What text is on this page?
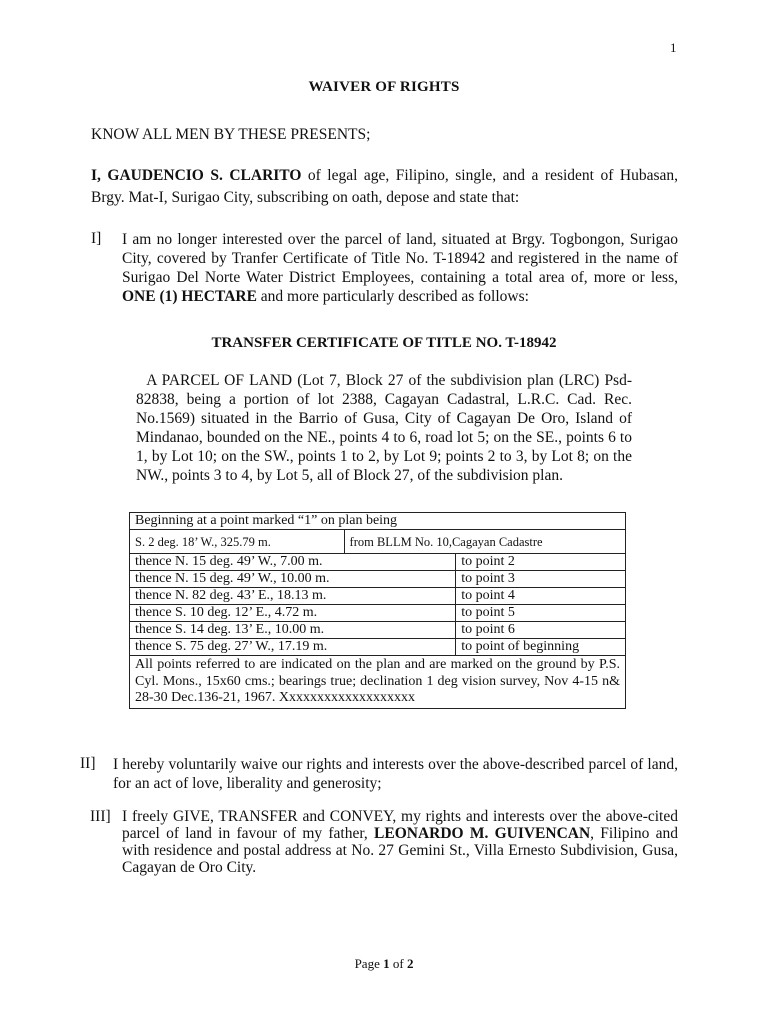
1
WAIVER OF RIGHTS
KNOW ALL MEN BY THESE PRESENTS;
I, GAUDENCIO S. CLARITO of legal age, Filipino, single, and a resident of Hubasan, Brgy. Mat-I, Surigao City, subscribing on oath, depose and state that:
I] I am no longer interested over the parcel of land, situated at Brgy. Togbongon, Surigao City, covered by Tranfer Certificate of Title No. T-18942 and registered in the name of Surigao Del Norte Water District Employees, containing a total area of, more or less, ONE (1) HECTARE and more particularly described as follows:
TRANSFER CERTIFICATE OF TITLE NO. T-18942
A PARCEL OF LAND (Lot 7, Block 27 of the subdivision plan (LRC) Psd-82838, being a portion of lot 2388, Cagayan Cadastral, L.R.C. Cad. Rec. No.1569) situated in the Barrio of Gusa, City of Cagayan De Oro, Island of Mindanao, bounded on the NE., points 4 to 6, road lot 5; on the SE., points 6 to 1, by Lot 10; on the SW., points 1 to 2, by Lot 9; points 2 to 3, by Lot 8; on the NW., points 3 to 4, by Lot 5, all of Block 27, of the subdivision plan.
Beginning at a point marked “1” on plan being		
S. 2 deg. 18’ W., 325.79 m.	from BLLM No. 10,Cagayan Cadastre	
thence N. 15 deg. 49’ W., 7.00 m.		to point 2
thence N. 15 deg. 49’ W., 10.00 m.		to point 3
thence N. 82 deg. 43’ E., 18.13 m.		to point 4
thence S. 10 deg. 12’ E., 4.72 m.		to point 5
thence S. 14 deg. 13’ E., 10.00 m.		to point 6
thence S. 75 deg. 27’ W., 17.19 m.		to point of beginning
All points referred to are indicated on the plan and are marked on the ground by P.S. Cyl. Mons., 15x60 cms.; bearings true; declination 1 deg vision survey, Nov 4-15 n& 28-30 Dec.136-21, 1967. Xxxxxxxxxxxxxxxxxxx		
II] I hereby voluntarily waive our rights and interests over the above-described parcel of land, for an act of love, liberality and generosity;
III] I freely GIVE, TRANSFER and CONVEY, my rights and interests over the above-cited parcel of land in favour of my father, LEONARDO M. GUIVENCAN, Filipino and with residence and postal address at No. 27 Gemini St., Villa Ernesto Subdivision, Gusa, Cagayan de Oro City.
Page 1 of 2
